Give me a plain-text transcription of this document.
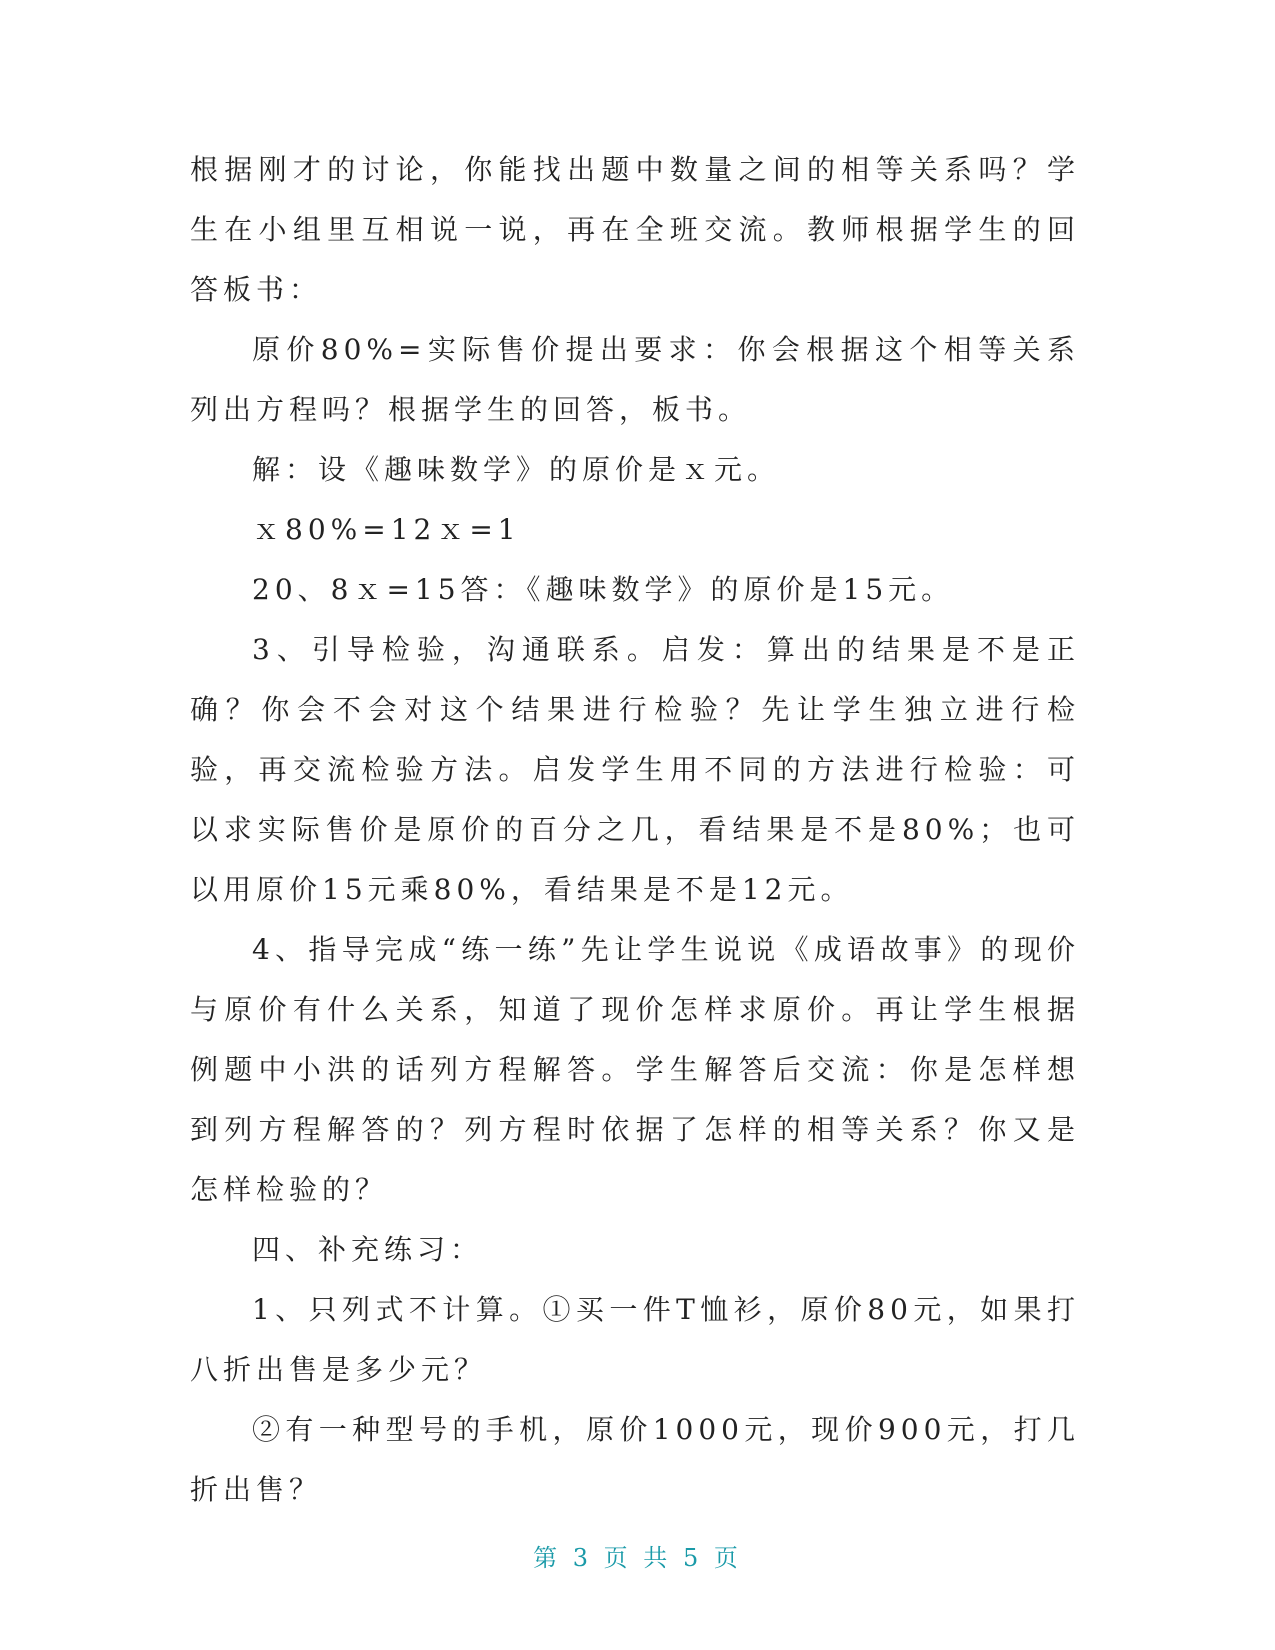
根据刚才的讨论，你能找出题中数量之间的相等关系吗？学生在小组里互相说一说，再在全班交流。教师根据学生的回答板书：

原价80%=实际售价提出要求：你会根据这个相等关系列出方程吗？根据学生的回答，板书。

解：设《趣味数学》的原价是ｘ元。

ｘ80%=12ｘ=1

20、8ｘ=15答：《趣味数学》的原价是15元。

3、引导检验，沟通联系。启发：算出的结果是不是正确？你会不会对这个结果进行检验？先让学生独立进行检验，再交流检验方法。启发学生用不同的方法进行检验：可以求实际售价是原价的百分之几，看结果是不是80%；也可以用原价15元乘80%，看结果是不是12元。

4、指导完成“练一练”先让学生说说《成语故事》的现价与原价有什么关系，知道了现价怎样求原价。再让学生根据例题中小洪的话列方程解答。学生解答后交流：你是怎样想到列方程解答的？列方程时依据了怎样的相等关系？你又是怎样检验的？

四、补充练习：

1、只列式不计算。①买一件T恤衫，原价80元，如果打八折出售是多少元？

②有一种型号的手机，原价1000元，现价900元，打几折出售？

第 3 页 共 5 页
